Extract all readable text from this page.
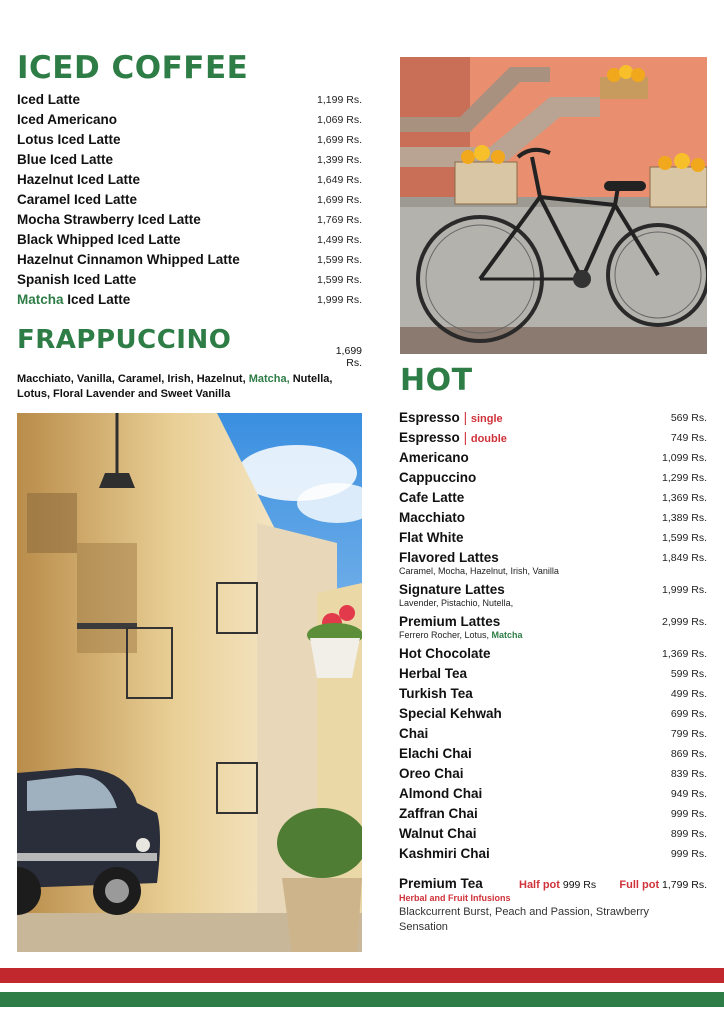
ICED COFFEE
Iced Latte	1,199 Rs.
Iced Americano	1,069 Rs.
Lotus Iced Latte	1,699 Rs.
Blue Iced Latte	1,399 Rs.
Hazelnut Iced Latte	1,649 Rs.
Caramel Iced Latte	1,699 Rs.
Mocha Strawberry Iced Latte	1,769 Rs.
Black Whipped Iced Latte	1,499 Rs.
Hazelnut Cinnamon Whipped Latte	1,599 Rs.
Spanish Iced Latte	1,599 Rs.
Matcha Iced Latte	1,999 Rs.
FRAPPUCCINO	1,699 Rs.
Macchiato, Vanilla, Caramel, Irish, Hazelnut, Matcha, Nutella, Lotus, Floral Lavender and Sweet Vanilla	HOT
Espresso | single	569 Rs.
Espresso | double	749 Rs.
Americano	1,099 Rs.
Cappuccino	1,299 Rs.
Cafe Latte	1,369 Rs.
Macchiato	1,389 Rs.
Flat White	1,599 Rs.
Flavored Lattes	1,849 Rs.
Caramel, Mocha, Hazelnut, Irish, Vanilla
Signature Lattes	1,999 Rs.
Lavender, Pistachio, Nutella,
Premium Lattes	2,999 Rs.
Ferrero Rocher, Lotus, Matcha
Hot Chocolate	1,369 Rs.
Herbal Tea	599 Rs.
Turkish Tea	499 Rs.
Special Kehwah	699 Rs.
Chai	799 Rs.
Elachi Chai	869 Rs.
Oreo Chai	839 Rs.
Almond Chai	949 Rs.
Zaffran Chai	999 Rs.
Walnut Chai	899 Rs.
Kashmiri Chai	999 Rs.
Premium Tea	Half pot 999 Rs Full pot 1,799 Rs.
Herbal and Fruit Infusions
Blackcurrent Burst, Peach and Passion, Strawberry Sensation
